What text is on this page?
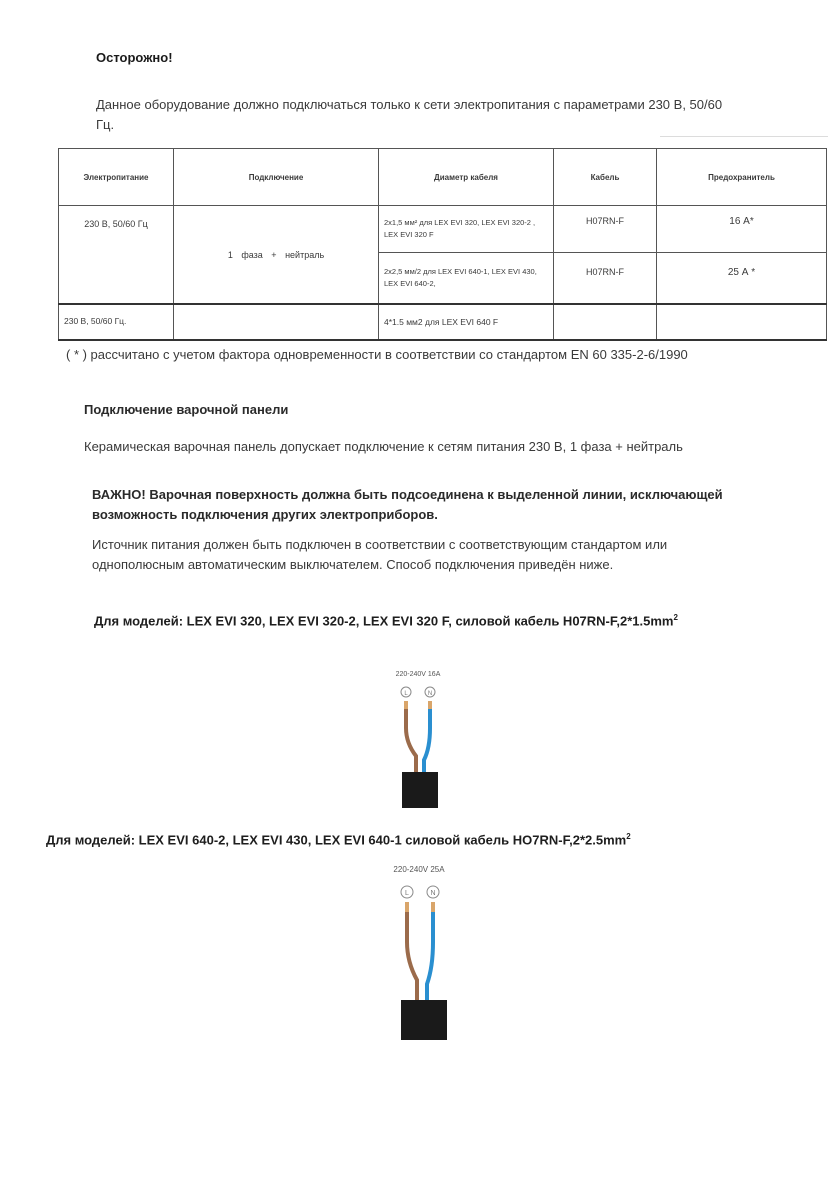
Осторожно!
Данное оборудование должно подключаться только к сети электропитания с параметрами 230 В, 50/60 Гц.
Электропитание	Подключение	Диаметр кабеля	Кабель	Предохранитель
230 В, 50/60 Гц	1 фаза + нейтраль	2х1,5 мм² для LEX EVI 320, LEX EVI 320-2 , LEX EVI 320 F	H07RN-F	16 А*
		2х2,5 мм/2 для LEX EVI 640-1, LEX EVI 430, LEX EVI 640-2,	H07RN-F	25 А *
230 В, 50/60 Гц.		4*1.5 мм2 для LEX EVI 640 F		
( * ) рассчитано с учетом фактора одновременности в соответствии со стандартом EN 60 335-2-6/1990
Подключение варочной панели
Керамическая варочная панель допускает подключение к сетям питания 230 В, 1 фаза + нейтраль
ВАЖНО! Варочная поверхность должна быть подсоединена к выделенной линии, исключающей возможность подключения других электроприборов.
Источник питания должен быть подключен в соответствии с соответствующим стандартом или однополюсным автоматическим выключателем. Способ подключения приведён ниже.
Для моделей: LEX EVI 320, LEX EVI 320-2, LEX EVI 320 F, силовой кабель $H07RN-F,2*1.5mm^2$
220-240V 16A
L	N
Для моделей: LEX EVI 640-2, LEX EVI 430, LEX EVI 640-1 силовой кабель $HO7RN-F,2*2.5mm^2$
220-240V 25A
L	N
